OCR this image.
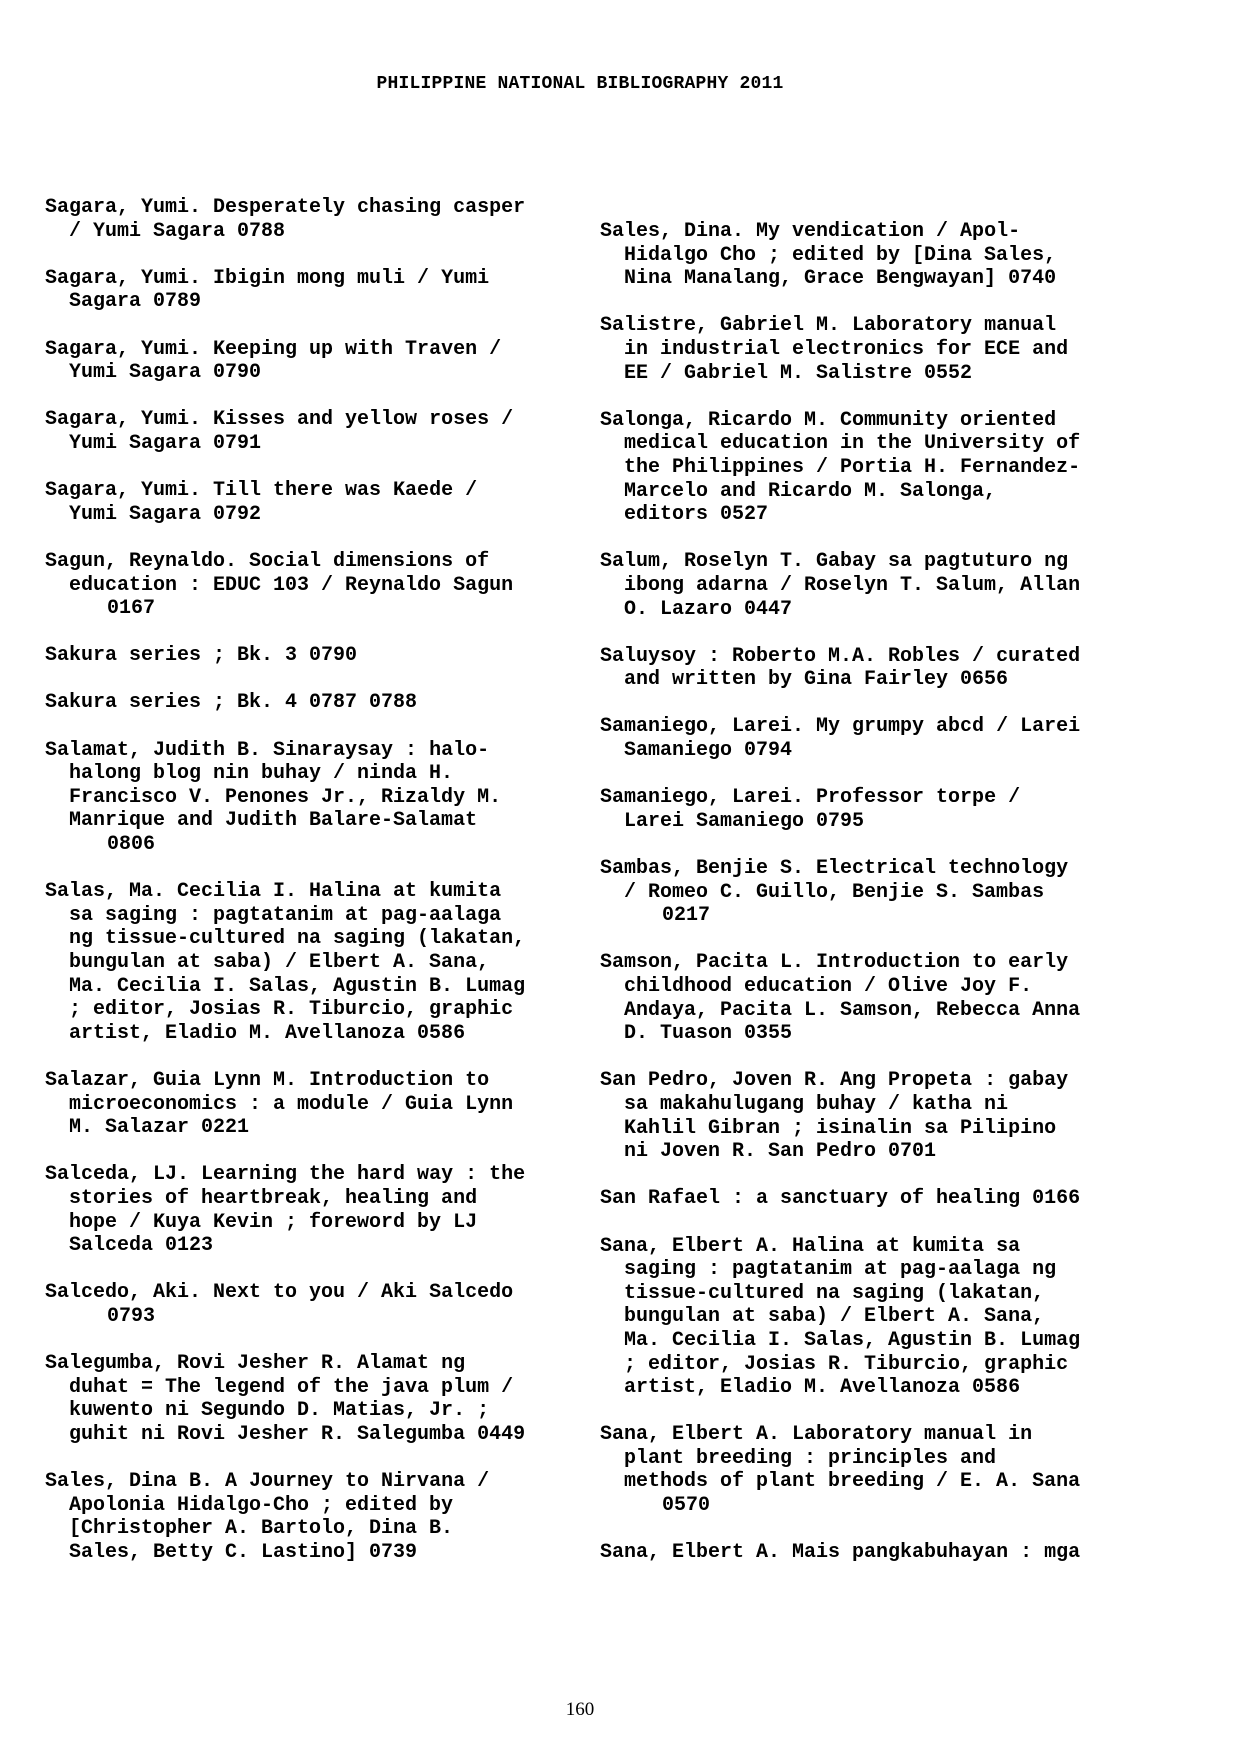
PHILIPPINE NATIONAL BIBLIOGRAPHY 2011
Sagara, Yumi. Desperately chasing casper
/ Yumi Sagara 0788
Sagara, Yumi. Ibigin mong muli / Yumi
Sagara 0789
Sagara, Yumi. Keeping up with Traven /
Yumi Sagara 0790
Sagara, Yumi. Kisses and yellow roses /
Yumi Sagara 0791
Sagara, Yumi. Till there was Kaede /
Yumi Sagara 0792
Sagun, Reynaldo. Social dimensions of
education : EDUC 103 / Reynaldo Sagun
0167
Sakura series ; Bk. 3 0790
Sakura series ; Bk. 4 0787 0788
Salamat, Judith B. Sinaraysay : halo-
halong blog nin buhay / ninda H.
Francisco V. Penones Jr., Rizaldy M.
Manrique and Judith Balare-Salamat
0806
Salas, Ma. Cecilia I. Halina at kumita
sa saging : pagtatanim at pag-aalaga
ng tissue-cultured na saging (lakatan,
bungulan at saba) / Elbert A. Sana,
Ma. Cecilia I. Salas, Agustin B. Lumag
; editor, Josias R. Tiburcio, graphic
artist, Eladio M. Avellanoza 0586
Salazar, Guia Lynn M. Introduction to
microeconomics : a module / Guia Lynn
M. Salazar 0221
Salceda, LJ. Learning the hard way : the
stories of heartbreak, healing and
hope / Kuya Kevin ; foreword by LJ
Salceda 0123
Salcedo, Aki. Next to you / Aki Salcedo
0793
Salegumba, Rovi Jesher R. Alamat ng
duhat = The legend of the java plum /
kuwento ni Segundo D. Matias, Jr. ;
guhit ni Rovi Jesher R. Salegumba 0449
Sales, Dina B. A Journey to Nirvana /
Apolonia Hidalgo-Cho ; edited by
[Christopher A. Bartolo, Dina B.
Sales, Betty C. Lastino] 0739
Sales, Dina. My vendication / Apol-
Hidalgo Cho ; edited by [Dina Sales,
Nina Manalang, Grace Bengwayan] 0740
Salistre, Gabriel M. Laboratory manual
in industrial electronics for ECE and
EE / Gabriel M. Salistre 0552
Salonga, Ricardo M. Community oriented
medical education in the University of
the Philippines / Portia H. Fernandez-
Marcelo and Ricardo M. Salonga,
editors 0527
Salum, Roselyn T. Gabay sa pagtuturo ng
ibong adarna / Roselyn T. Salum, Allan
O. Lazaro 0447
Saluysoy : Roberto M.A. Robles / curated
and written by Gina Fairley 0656
Samaniego, Larei. My grumpy abcd / Larei
Samaniego 0794
Samaniego, Larei. Professor torpe /
Larei Samaniego 0795
Sambas, Benjie S. Electrical technology
/ Romeo C. Guillo, Benjie S. Sambas
0217
Samson, Pacita L. Introduction to early
childhood education / Olive Joy F.
Andaya, Pacita L. Samson, Rebecca Anna
D. Tuason 0355
San Pedro, Joven R. Ang Propeta : gabay
sa makahulugang buhay / katha ni
Kahlil Gibran ; isinalin sa Pilipino
ni Joven R. San Pedro 0701
San Rafael : a sanctuary of healing 0166
Sana, Elbert A. Halina at kumita sa
saging : pagtatanim at pag-aalaga ng
tissue-cultured na saging (lakatan,
bungulan at saba) / Elbert A. Sana,
Ma. Cecilia I. Salas, Agustin B. Lumag
; editor, Josias R. Tiburcio, graphic
artist, Eladio M. Avellanoza 0586
Sana, Elbert A. Laboratory manual in
plant breeding : principles and
methods of plant breeding / E. A. Sana
0570
Sana, Elbert A. Mais pangkabuhayan : mga
160
